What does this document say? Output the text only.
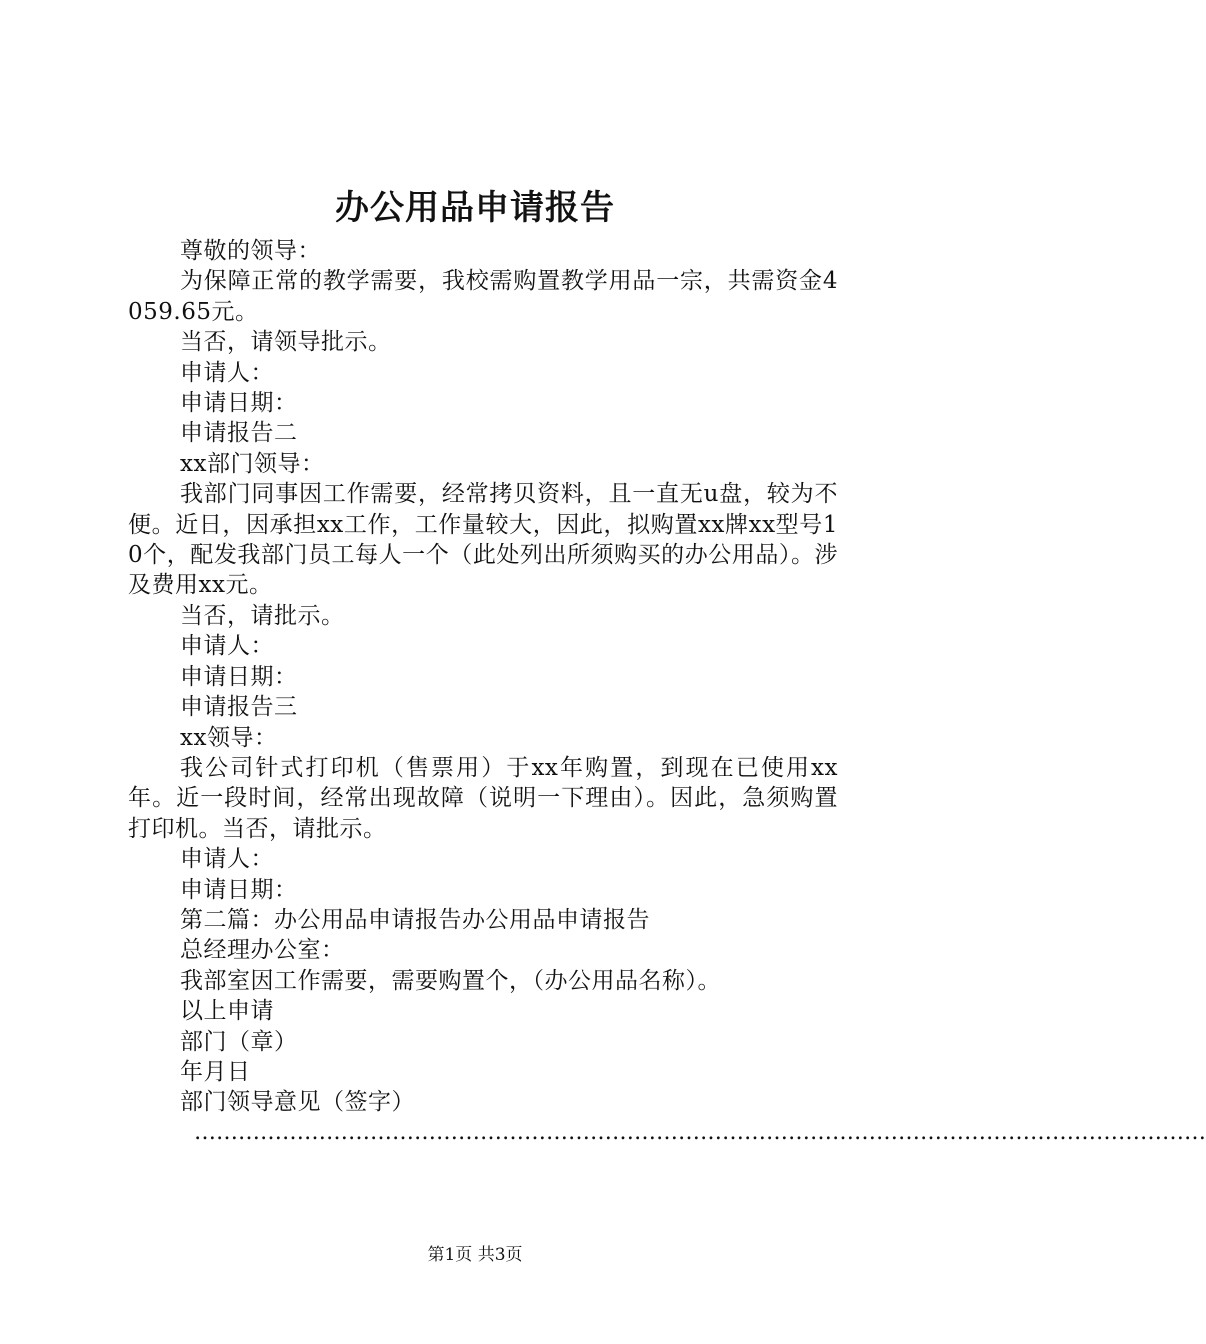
办公用品申请报告

尊敬的领导：

为保障正常的教学需要，我校需购置教学用品一宗，共需资金4059.65元。

当否，请领导批示。

申请人：

申请日期：

申请报告二

xx部门领导：

我部门同事因工作需要，经常拷贝资料，且一直无u盘，较为不便。近日，因承担xx工作，工作量较大，因此，拟购置xx牌xx型号10个，配发我部门员工每人一个（此处列出所须购买的办公用品）。涉及费用xx元。

当否，请批示。

申请人：

申请日期：

申请报告三

xx领导：

我公司针式打印机（售票用）于xx年购置，到现在已使用xx年。近一段时间，经常出现故障（说明一下理由）。因此，急须购置打印机。当否，请批示。

申请人：

申请日期：

第二篇：办公用品申请报告办公用品申请报告

总经理办公室：

我部室因工作需要，需要购置个，（办公用品名称）。

以上申请

部门（章）

年月日

部门领导意见（签字）

…………………………………………………………………………………………………………………………

第1页 共3页
